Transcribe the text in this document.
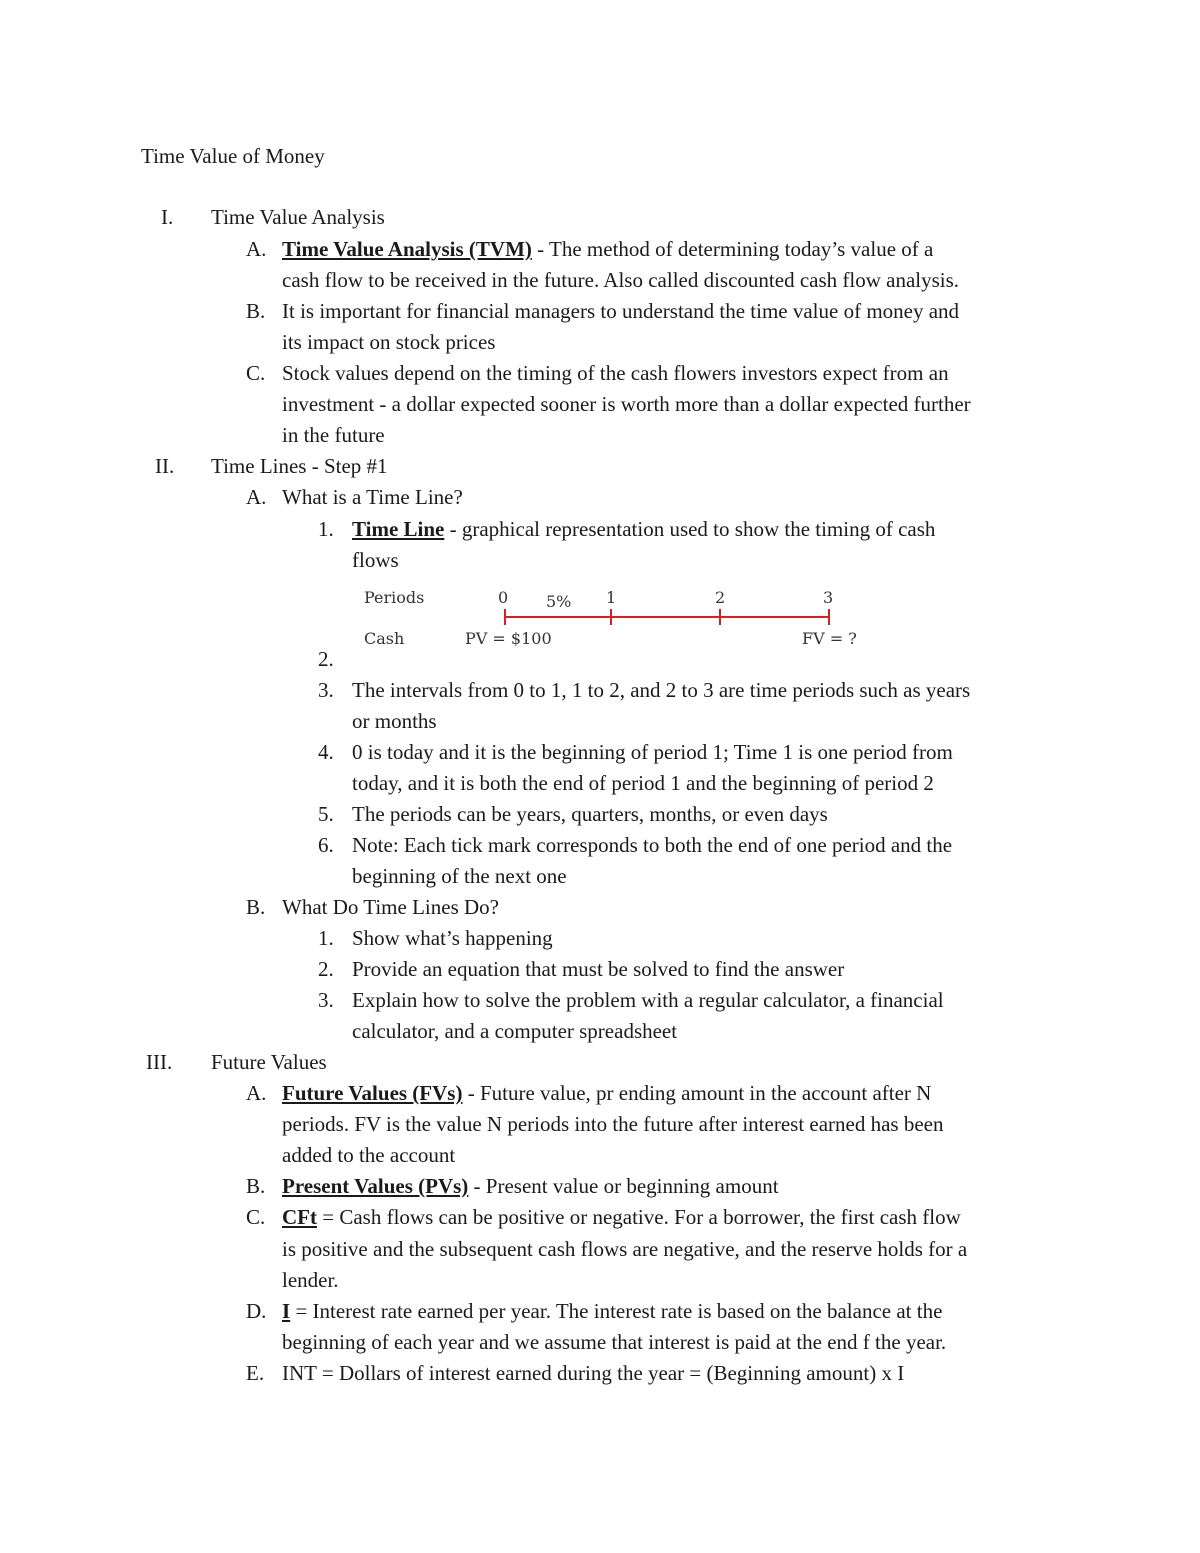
Time Value of Money
I. Time Value Analysis
A. Time Value Analysis (TVM) - The method of determining today’s value of a
cash flow to be received in the future. Also called discounted cash flow analysis.
B. It is important for financial managers to understand the time value of money and
its impact on stock prices
C. Stock values depend on the timing of the cash flowers investors expect from an
investment - a dollar expected sooner is worth more than a dollar expected further
in the future
II. Time Lines - Step #1
A. What is a Time Line?
1. Time Line - graphical representation used to show the timing of cash
flows
Periods
Cash
0 5% 1	2	3
PV = $100	FV = ?
2.
3. The intervals from 0 to 1, 1 to 2, and 2 to 3 are time periods such as years
or months
4. 0 is today and it is the beginning of period 1; Time 1 is one period from
today, and it is both the end of period 1 and the beginning of period 2
5. The periods can be years, quarters, months, or even days
6. Note: Each tick mark corresponds to both the end of one period and the
beginning of the next one
B. What Do Time Lines Do?
1. Show what’s happening
2. Provide an equation that must be solved to find the answer
3. Explain how to solve the problem with a regular calculator, a financial
calculator, and a computer spreadsheet
III. Future Values
A. Future Values (FVs) - Future value, pr ending amount in the account after N
periods. FV is the value N periods into the future after interest earned has been
added to the account
B. Present Values (PVs) - Present value or beginning amount
C. CFt = Cash flows can be positive or negative. For a borrower, the first cash flow
is positive and the subsequent cash flows are negative, and the reserve holds for a
lender.
D. I = Interest rate earned per year. The interest rate is based on the balance at the
beginning of each year and we assume that interest is paid at the end f the year.
E. INT = Dollars of interest earned during the year = (Beginning amount) x I
